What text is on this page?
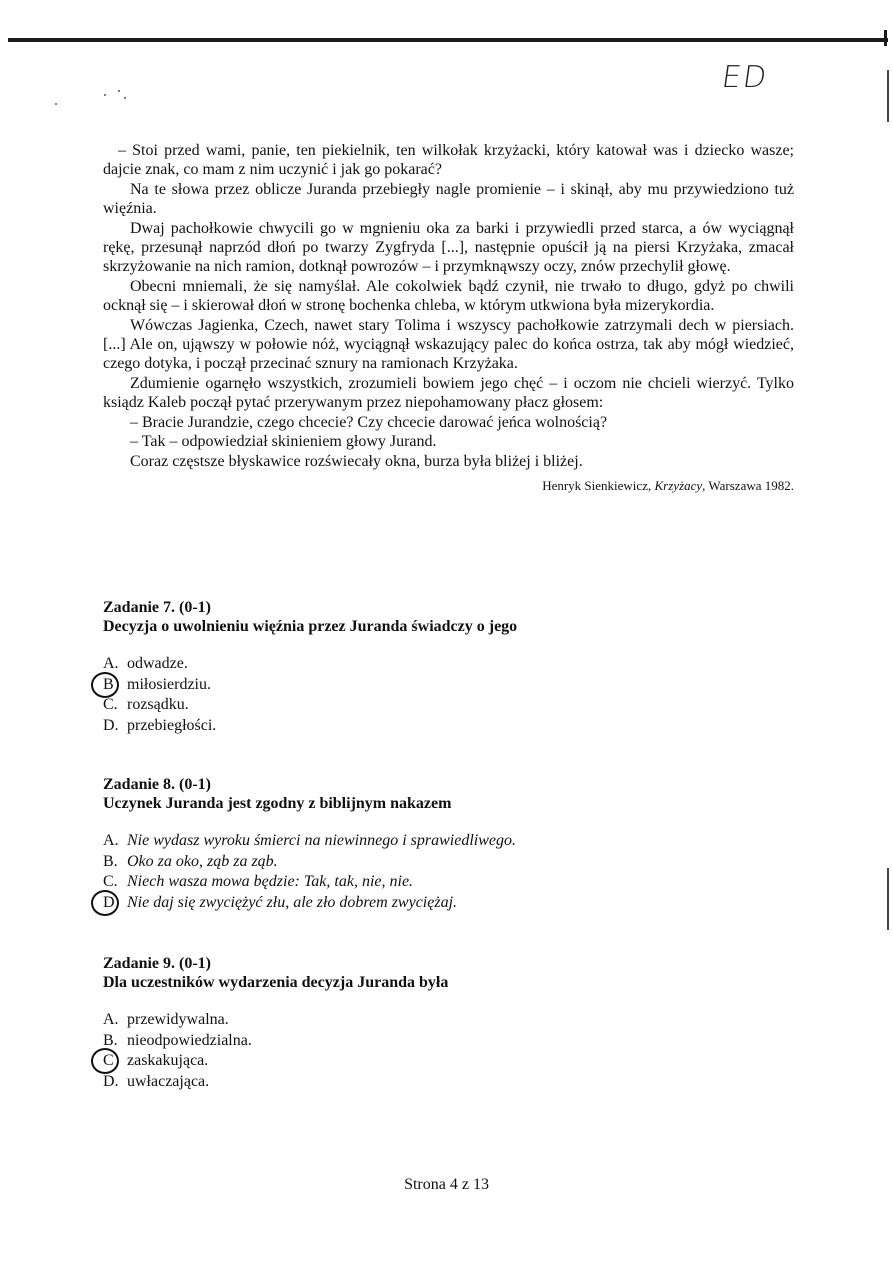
ED

– Stoi przed wami, panie, ten piekielnik, ten wilkołak krzyżacki, który katował was i dziecko wasze; dajcie znak, co mam z nim uczynić i jak go pokarać?

Na te słowa przez oblicze Juranda przebiegły nagle promienie – i skinął, aby mu przywiedziono tuż więźnia.

Dwaj pachołkowie chwycili go w mgnieniu oka za barki i przywiedli przed starca, a ów wyciągnął rękę, przesunął naprzód dłoń po twarzy Zygfryda [...], następnie opuścił ją na piersi Krzyżaka, zmacał skrzyżowanie na nich ramion, dotknął powrozów – i przymknąwszy oczy, znów przechylił głowę.

Obecni mniemali, że się namyślał. Ale cokolwiek bądź czynił, nie trwało to długo, gdyż po chwili ocknął się – i skierował dłoń w stronę bochenka chleba, w którym utkwiona była mizerykordia.

Wówczas Jagienka, Czech, nawet stary Tolima i wszyscy pachołkowie zatrzymali dech w piersiach. [...] Ale on, ująwszy w połowie nóż, wyciągnął wskazujący palec do końca ostrza, tak aby mógł wiedzieć, czego dotyka, i począł przecinać sznury na ramionach Krzyżaka.

Zdumienie ogarnęło wszystkich, zrozumieli bowiem jego chęć – i oczom nie chcieli wierzyć. Tylko ksiądz Kaleb począł pytać przerywanym przez niepohamowany płacz głosem:

– Bracie Jurandzie, czego chcecie? Czy chcecie darować jeńca wolnością?

– Tak – odpowiedział skinieniem głowy Jurand.

Coraz częstsze błyskawice rozświecały okna, burza była bliżej i bliżej.

Henryk Sienkiewicz, Krzyżacy, Warszawa 1982.
Zadanie 7. (0-1)
Decyzja o uwolnieniu więźnia przez Juranda świadczy o jego
A. odwadze.
B miłosierdziu.
C. rozsądku.
D. przebiegłości.
Zadanie 8. (0-1)
Uczynek Juranda jest zgodny z biblijnym nakazem
A. Nie wydasz wyroku śmierci na niewinnego i sprawiedliwego.
B. Oko za oko, ząb za ząb.
C. Niech wasza mowa będzie: Tak, tak, nie, nie.
D Nie daj się zwyciężyć złu, ale zło dobrem zwyciężaj.
Zadanie 9. (0-1)
Dla uczestników wydarzenia decyzja Juranda była
A. przewidywalna.
B. nieodpowiedzialna.
C zaskakująca.
D. uwłaczająca.
Strona 4 z 13
